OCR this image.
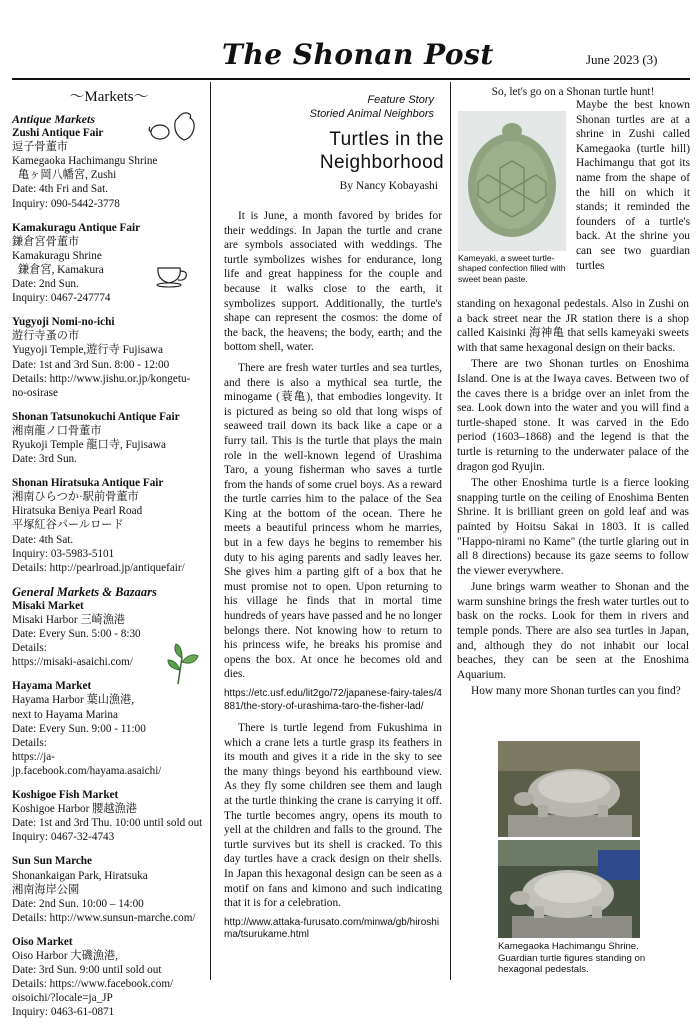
The Shonan Post	June 2023 (3)
～Markets～
Antique Markets
Zushi Antique Fair
逗子骨董市
Kamegaoka Hachimangu Shrine
亀ヶ岡八幡宮, Zushi
Date: 4th Fri and Sat.
Inquiry: 090-5442-3778
Kamakuragu Antique Fair
鎌倉宮骨董市
Kamakuragu Shrine
鎌倉宮, Kamakura
Date: 2nd Sun.
Inquiry: 0467-247774
Yugyoji Nomi-no-ichi
遊行寺蚤の市
Yugyoji Temple,遊行寺 Fujisawa
Date: 1st and 3rd Sun. 8:00 - 12:00
Details: http://www.jishu.or.jp/kongetu-no-osirase
Shonan Tatsunokuchi Antique Fair
湘南龍ノ口骨董市
Ryukoji Temple 龍口寺, Fujisawa
Date: 3rd Sun.
Shonan Hiratsuka Antique Fair
湘南ひらつか·駅前骨董市
Hiratsuka Beniya Pearl Road
平塚紅谷パールロード
Date: 4th Sat.
Inquiry: 03-5983-5101
Details: http://pearlroad.jp/antiquefair/
General Markets & Bazaars
Misaki Market
Misaki Harbor 三崎漁港
Date: Every Sun. 5:00 - 8:30
Details:
https://misaki-asaichi.com/
Hayama Market
Hayama Harbor 葉山漁港,
next to Hayama Marina
Date: Every Sun. 9:00 - 11:00
Details:
https://ja-jp.facebook.com/hayama.asaichi/
Koshigoe Fish Market
Koshigoe Harbor 腰越漁港
Date: 1st and 3rd Thu. 10:00 until sold out
Inquiry: 0467-32-4743
Sun Sun Marche
Shonankaigan Park, Hiratsuka
湘南海岸公園
Date: 2nd Sun. 10:00 – 14:00
Details: http://www.sunsun-marche.com/
Oiso Market
Oiso Harbor 大磯漁港,
Date: 3rd Sun. 9:00 until sold out
Details: https://www.facebook.com/
oisoichi/?locale=ja_JP
Inquiry: 0463-61-0871
Feature Story
Storied Animal Neighbors
Turtles in the
Neighborhood
By Nancy Kobayashi

It is June, a month favored by brides for their weddings. In Japan the turtle and crane are symbols associated with weddings. The turtle symbolizes wishes for endurance, long life and great happiness for the couple and because it walks close to the earth, it symbolizes support. Additionally, the turtle's shape can represent the cosmos: the dome of the back, the heavens; the body, earth; and the bottom shell, water.

There are fresh water turtles and sea turtles, and there is also a mythical sea turtle, the minogame (蓑亀), that embodies longevity. It is pictured as being so old that long wisps of seaweed trail down its back like a cape or a furry tail. This is the turtle that plays the main role in the well-known legend of Urashima Taro, a young fisherman who saves a turtle from the hands of some cruel boys. As a reward the turtle carries him to the palace of the Sea King at the bottom of the ocean. There he meets a beautiful princess whom he marries, but in a few days he begins to remember his duty to his aging parents and sadly leaves her. She gives him a parting gift of a box that he must promise not to open. Upon returning to his village he finds that in mortal time hundreds of years have passed and he no longer belongs there. Not knowing how to return to his princess wife, he breaks his promise and opens the box. At once he becomes old and dies.

https://etc.usf.edu/lit2go/72/japanese-fairy-tales/4881/the-story-of-urashima-taro-the-fisher-lad/

There is turtle legend from Fukushima in which a crane lets a turtle grasp its feathers in its mouth and gives it a ride in the sky to see the many things beyond his earthbound view. As they fly some children see them and laugh at the turtle thinking the crane is carrying it off. The turtle becomes angry, opens its mouth to yell at the children and falls to the ground. The turtle survives but its shell is cracked. To this day turtles have a crack design on their shells. In Japan this hexagonal design can be seen as a motif on fans and kimono and such indicating that it is for a celebration.

http://www.attaka-furusato.com/minwa/gb/hiroshima/tsurukame.html
So, let's go on a Shonan turtle hunt!
Kameyaki, a sweet turtle-shaped confection filled with sweet bean paste.
Maybe the best known Shonan turtles are at a shrine in Zushi called Kamegaoka (turtle hill) Hachimangu that got its name from the shape of the hill on which it stands; it reminded the founders of a turtle's back. At the shrine you can see two guardian turtles

standing on hexagonal pedestals. Also in Zushi on a back street near the JR station there is a shop called Kaisinki 海神亀 that sells kameyaki sweets with that same hexagonal design on their backs.

There are two Shonan turtles on Enoshima Island. One is at the Iwaya caves. Between two of the caves there is a bridge over an inlet from the sea. Look down into the water and you will find a turtle-shaped stone. It was carved in the Edo period (1603–1868) and the legend is that the turtle is returning to the underwater palace of the dragon god Ryujin.

The other Enoshima turtle is a fierce looking snapping turtle on the ceiling of Enoshima Benten Shrine. It is brilliant green on gold leaf and was painted by Hoitsu Sakai in 1803. It is called "Happo-nirami no Kame" (the turtle glaring out in all 8 directions) because its gaze seems to follow the viewer everywhere.

June brings warm weather to Shonan and the warm sunshine brings the fresh water turtles out to bask on the rocks. Look for them in rivers and temple ponds. There are also sea turtles in Japan, and, although they do not inhabit our local beaches, they can be seen at the Enoshima Aquarium.

How many more Shonan turtles can you find?

Kamegaoka Hachimangu Shrine. Guardian turtle figures standing on hexagonal pedestals.
